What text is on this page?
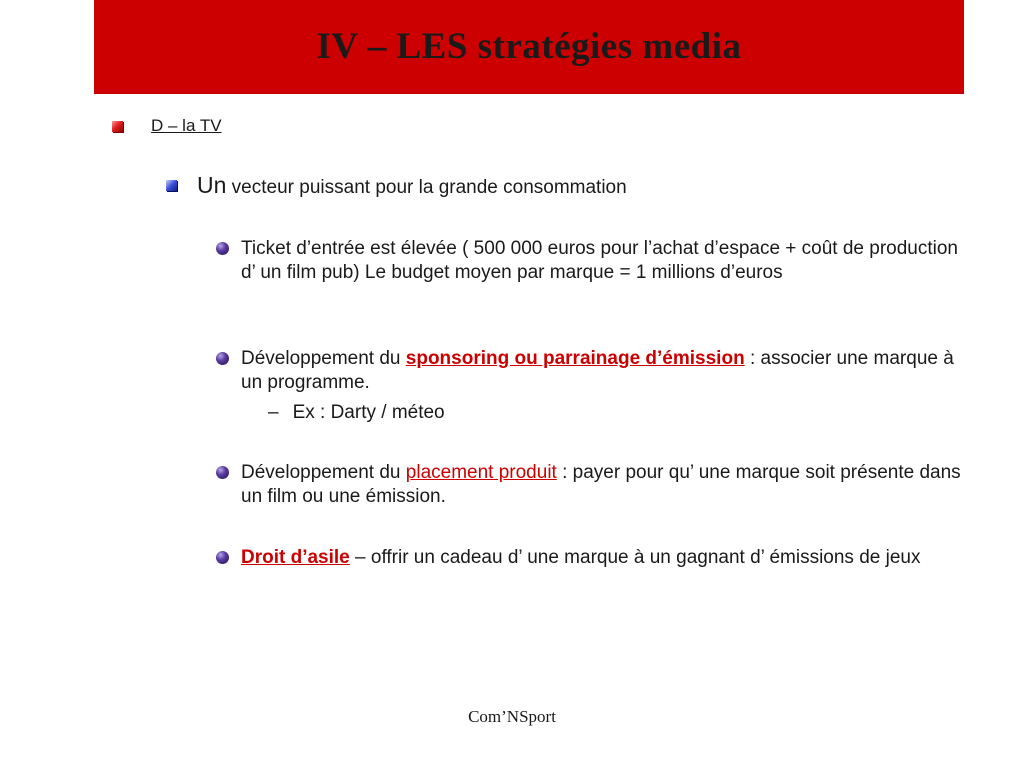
IV – LES stratégies media
D – la TV
Un vecteur puissant pour la grande consommation
Ticket d’entrée est élevée ( 500 000 euros pour l’achat d’espace + coût de production d’ un film pub) Le budget moyen par marque = 1 millions d’euros
Développement du sponsoring ou parrainage d’émission : associer une marque à un programme.
– Ex : Darty / méteo
Développement du placement produit : payer pour qu’ une marque soit présente dans un film ou une émission.
Droit d’asile – offrir un cadeau d’ une marque à un gagnant d’ émissions de jeux
Com’NSport
